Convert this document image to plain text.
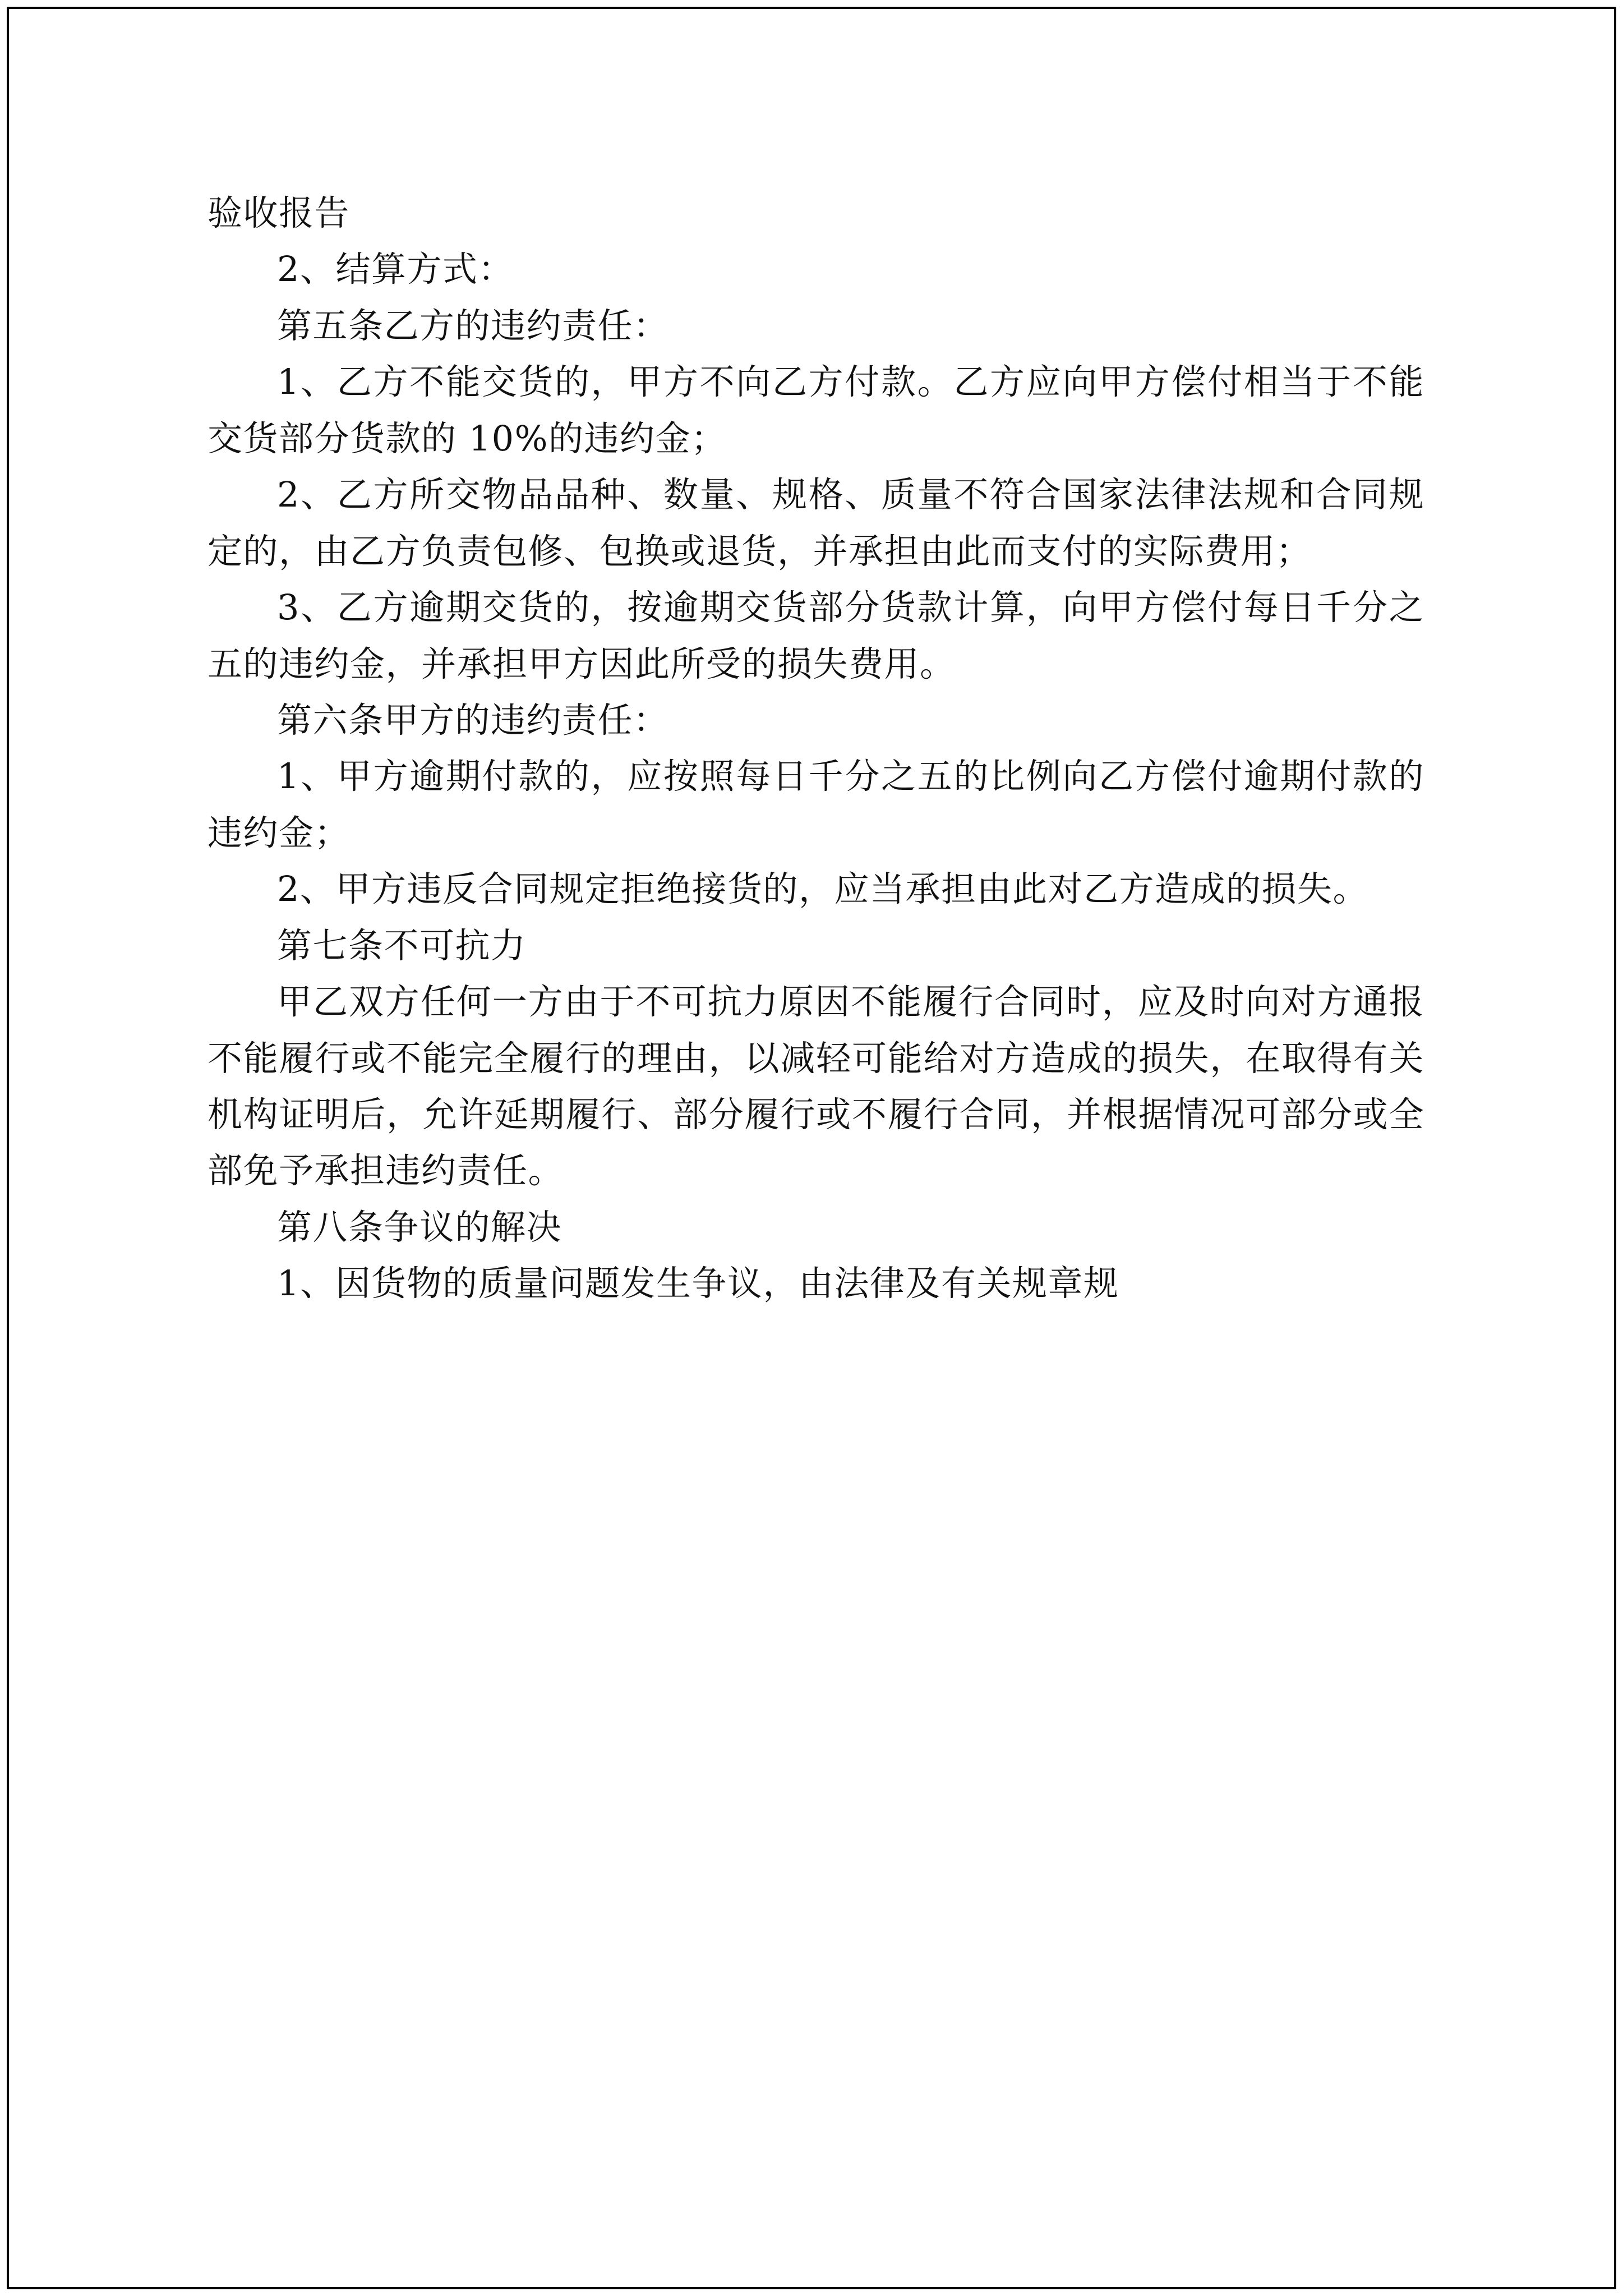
验收报告

2、结算方式：

第五条乙方的违约责任：

1、乙方不能交货的，甲方不向乙方付款。乙方应向甲方偿付相当于不能交货部分货款的 10%的违约金；

2、乙方所交物品品种、数量、规格、质量不符合国家法律法规和合同规定的，由乙方负责包修、包换或退货，并承担由此而支付的实际费用；

3、乙方逾期交货的，按逾期交货部分货款计算，向甲方偿付每日千分之五的违约金，并承担甲方因此所受的损失费用。

第六条甲方的违约责任：

1、甲方逾期付款的，应按照每日千分之五的比例向乙方偿付逾期付款的违约金；

2、甲方违反合同规定拒绝接货的，应当承担由此对乙方造成的损失。

第七条不可抗力

甲乙双方任何一方由于不可抗力原因不能履行合同时，应及时向对方通报不能履行或不能完全履行的理由，以减轻可能给对方造成的损失，在取得有关机构证明后，允许延期履行、部分履行或不履行合同，并根据情况可部分或全部免予承担违约责任。

第八条争议的解决

1、因货物的质量问题发生争议，由法律及有关规章规
